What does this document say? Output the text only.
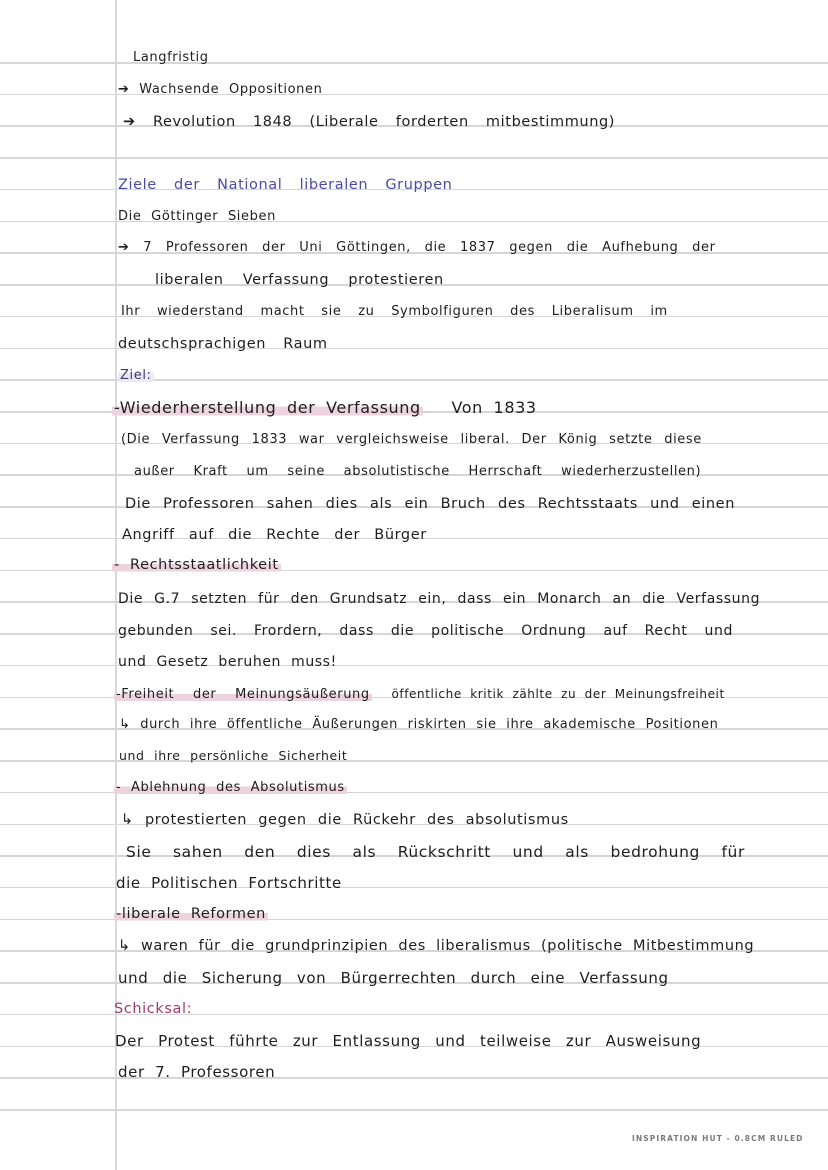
Langfristig
➔ Wachsende Oppositionen
➔ Revolution 1848 (Liberale forderten mitbestimmung)
Ziele der National liberalen Gruppen
Die Göttinger Sieben
➔ 7 Professoren der Uni Göttingen, die 1837 gegen die Aufhebung der
liberalen Verfassung protestieren
Ihr wiederstand macht sie zu Symbolfiguren des Liberalisum im
deutschsprachigen Raum
Ziel:
-Wiederherstellung der Verfassung Von 1833
(Die Verfassung 1833 war vergleichsweise liberal. Der König setzte diese
außer Kraft um seine absolutistische Herrschaft wiederherzustellen)
Die Professoren sahen dies als ein Bruch des Rechtsstaats und einen
Angriff auf die Rechte der Bürger
- Rechtsstaatlichkeit
Die G.7 setzten für den Grundsatz ein, dass ein Monarch an die Verfassung
gebunden sei. Frordern, dass die politische Ordnung auf Recht und
und Gesetz beruhen muss!
-Freiheit der Meinungsäußerung öffentliche kritik zählte zu der Meinungsfreiheit
↳ durch ihre öffentliche Äußerungen riskirten sie ihre akademische Positionen
und ihre persönliche Sicherheit
- Ablehnung des Absolutismus
↳ protestierten gegen die Rückehr des absolutismus
Sie sahen den dies als Rückschritt und als bedrohung für
die Politischen Fortschritte
-liberale Reformen
↳ waren für die grundprinzipien des liberalismus (politische Mitbestimmung
und die Sicherung von Bürgerrechten durch eine Verfassung
Schicksal:
Der Protest führte zur Entlassung und teilweise zur Ausweisung
der 7. Professoren
INSPIRATION HUT - 0.8CM RULED
